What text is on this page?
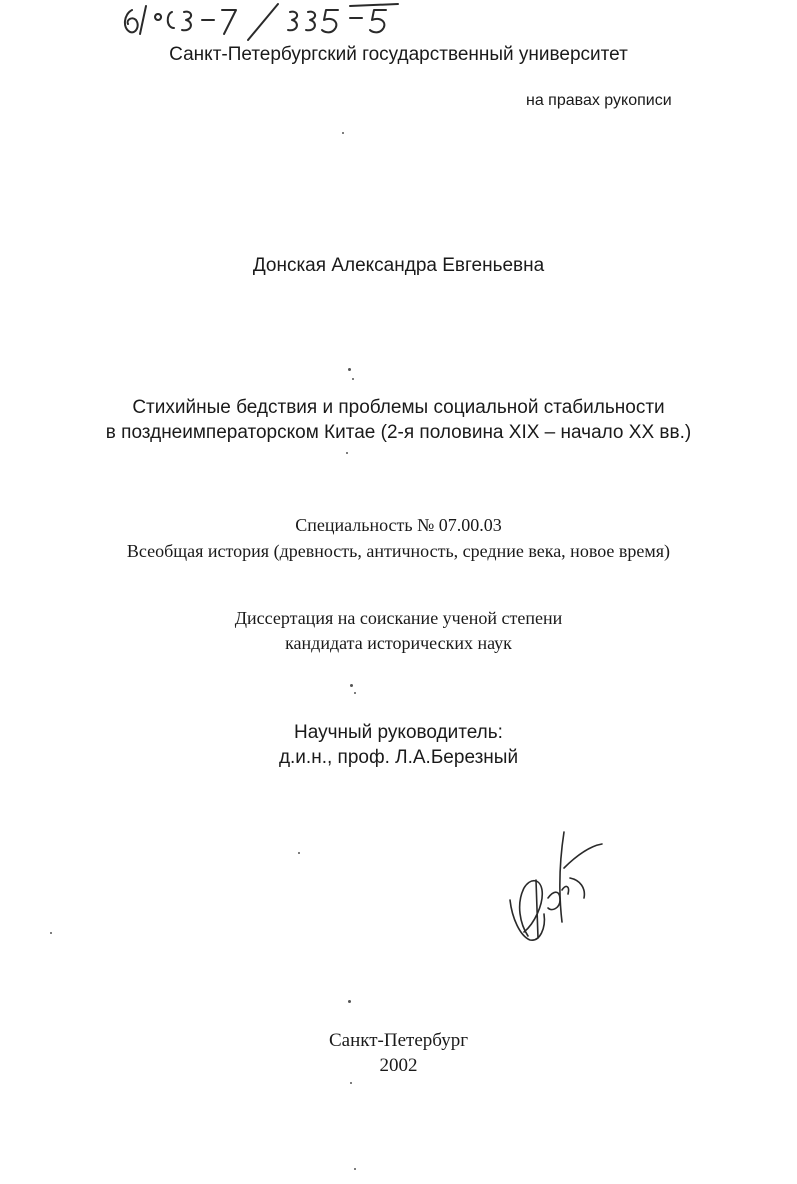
Санкт-Петербургский государственный университет
на правах рукописи
Донская Александра Евгеньевна
Стихийные бедствия и проблемы социальной стабильности
в позднеимператорском Китае (2-я половина XIX – начало XX вв.)
Специальность № 07.00.03
Всеобщая история (древность, античность, средние века, новое время)
Диссертация на соискание ученой степени
кандидата исторических наук
Научный руководитель:
д.и.н., проф. Л.А.Березный
Санкт-Петербург
2002
